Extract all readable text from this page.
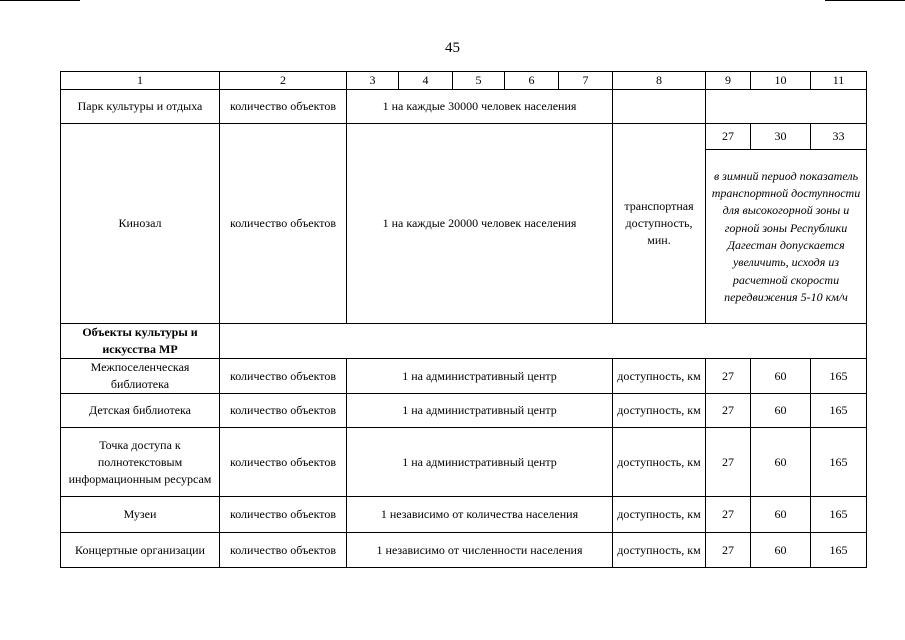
45
1	2	3	4	5	6	7	8	9	10	11
Парк культуры и отдыха	количество объектов	1 на каждые 30000 человек населения								
Кинозал	количество объектов	1 на каждые 20000 человек населения					транспортная доступность, мин.	27	30	33

								в зимний период показатель транспортной доступности для высокогорной зоны и горной зоны Республики Дагестан допускается увеличить, исходя из расчетной скорости передвижения 5-10 км/ч		

Объекты культуры и искусства МР										
Межпоселенческая библиотека	количество объектов	1 на административный центр					доступность, км	27	60	165
Детская библиотека	количество объектов	1 на административный центр					доступность, км	27	60	165
Точка доступа к полнотекстовым информационным ресурсам	количество объектов	1 на административный центр					доступность, км	27	60	165
Музеи	количество объектов	1 независимо от количества населения					доступность, км	27	60	165
Концертные организации	количество объектов	1 независимо от численности населения					доступность, км	27	60	165
